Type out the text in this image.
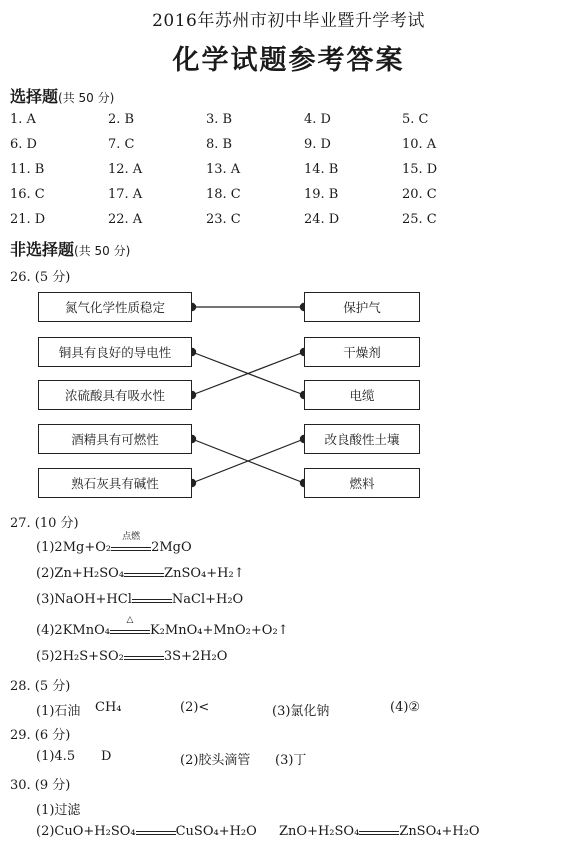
2016年苏州市初中毕业暨升学考试
化学试题参考答案
选择题(共 50 分)
1. A	2. B	3. B	4. D	5. C
6. D	7. C	8. B	9. D	10. A
11. B	12. A	13. A	14. B	15. D
16. C	17. A	18. C	19. B	20. C
21. D	22. A	23. C	24. D	25. C
非选择题(共 50 分)
26. (5 分)
氮气化学性质稳定
铜具有良好的导电性
浓硫酸具有吸水性
酒精具有可燃性
熟石灰具有碱性
保护气
干燥剂
电缆
改良酸性土壤
燃料
27. (10 分)
(1)2Mg+O₂
点燃
2MgO
(2)Zn+H₂SO₄	ZnSO₄+H₂↑
(3)NaOH+HCl	NaCl+H₂O
(4)2KMnO₄
△
K₂MnO₄+MnO₂+O₂↑
(5)2H₂S+SO₂	3S+2H₂O
28. (5 分)
(1)石油 CH₄	(2)<	(3)氯化钠	(4)②
29. (6 分)
(1)4.5 D	(2)胶头滴管 (3)丁
30. (9 分)
(1)过滤
(2)CuO+H₂SO₄	CuSO₄+H₂O ZnO+H₂SO₄	ZnSO₄+H₂O
